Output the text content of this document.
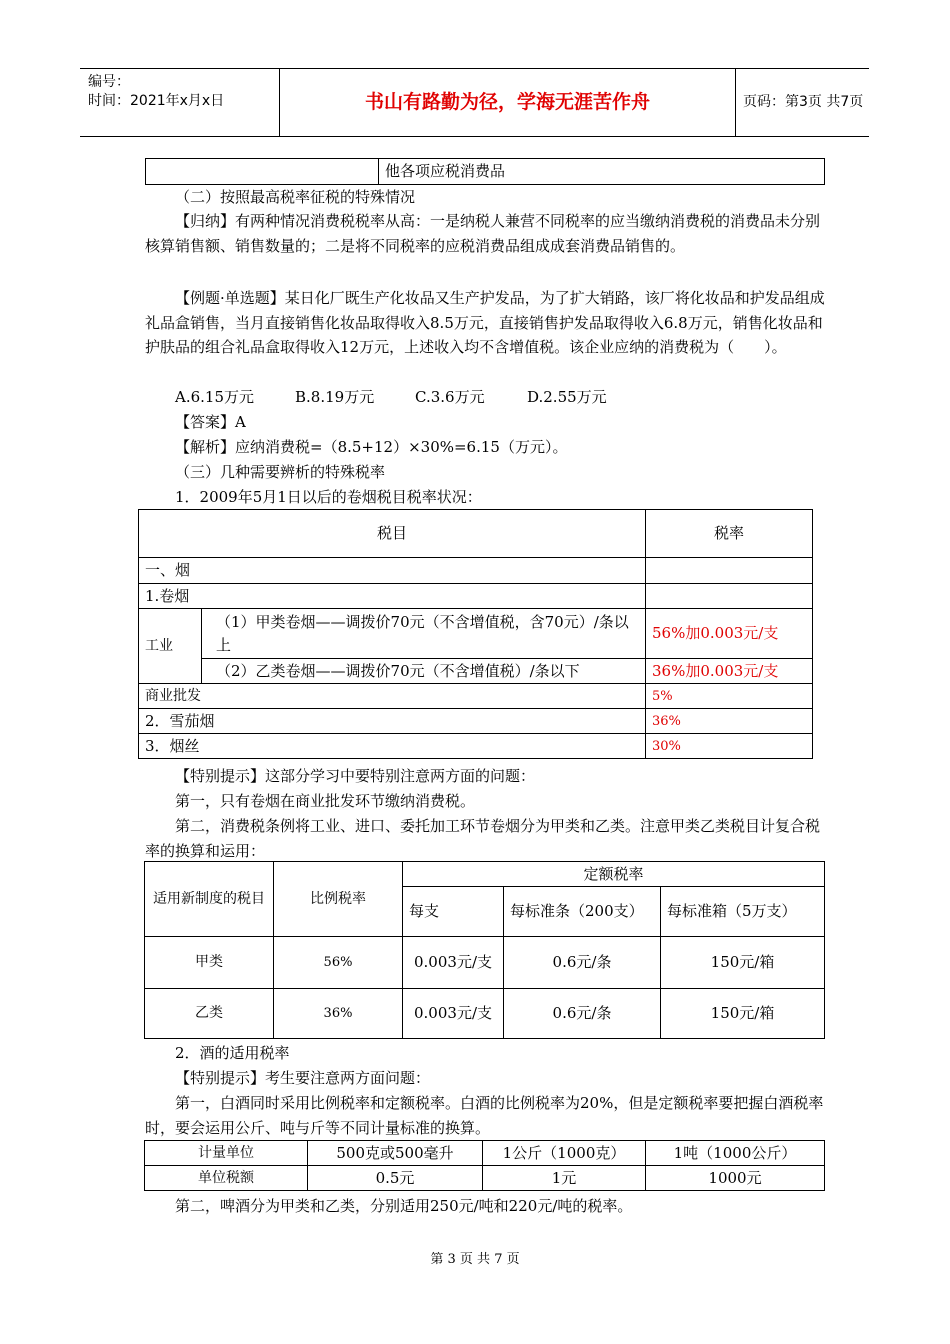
编号：
时间：2021年x月x日	书山有路勤为径，学海无涯苦作舟	页码：第3页 共7页
	他各项应税消费品
（二）按照最高税率征税的特殊情况
【归纳】有两种情况消费税税率从高：一是纳税人兼营不同税率的应当缴纳消费税的消费品未分别核算销售额、销售数量的；二是将不同税率的应税消费品组成成套消费品销售的。
【例题·单选题】某日化厂既生产化妆品又生产护发品，为了扩大销路，该厂将化妆品和护发品组成礼品盒销售，当月直接销售化妆品取得收入8.5万元，直接销售护发品取得收入6.8万元，销售化妆品和护肤品的组合礼品盒取得收入12万元，上述收入均不含增值税。该企业应纳的消费税为（　　）。
A.6.15万元	B.8.19万元	C.3.6万元	D.2.55万元
【答案】A
【解析】应纳消费税=（8.5+12）×30%=6.15（万元）。
（三）几种需要辨析的特殊税率
1．2009年5月1日以后的卷烟税目税率状况：
税目		税率
一、烟		
1.卷烟		
工业	（1）甲类卷烟——调拨价70元（不含增值税，含70元）/条以上	56%加0.003元/支
	（2）乙类卷烟——调拨价70元（不含增值税）/条以下	36%加0.003元/支
商业批发		5%
2．雪茄烟		36%
3．烟丝		30%
【特别提示】这部分学习中要特别注意两方面的问题：
第一，只有卷烟在商业批发环节缴纳消费税。
第二，消费税条例将工业、进口、委托加工环节卷烟分为甲类和乙类。注意甲类乙类税目计复合税率的换算和运用：
适用新制度的税目	比例税率	定额税率		
		每支	每标准条（200支）	每标准箱（5万支）
甲类	56%	0.003元/支	0.6元/条	150元/箱
乙类	36%	0.003元/支	0.6元/条	150元/箱
2．酒的适用税率
【特别提示】考生要注意两方面问题：
第一，白酒同时采用比例税率和定额税率。白酒的比例税率为20%，但是定额税率要把握白酒税率时，要会运用公斤、吨与斤等不同计量标准的换算。
计量单位	500克或500毫升	1公斤（1000克）	1吨（1000公斤）
单位税额	0.5元	1元	1000元
第二，啤酒分为甲类和乙类，分别适用250元/吨和220元/吨的税率。
第 3 页 共 7 页
